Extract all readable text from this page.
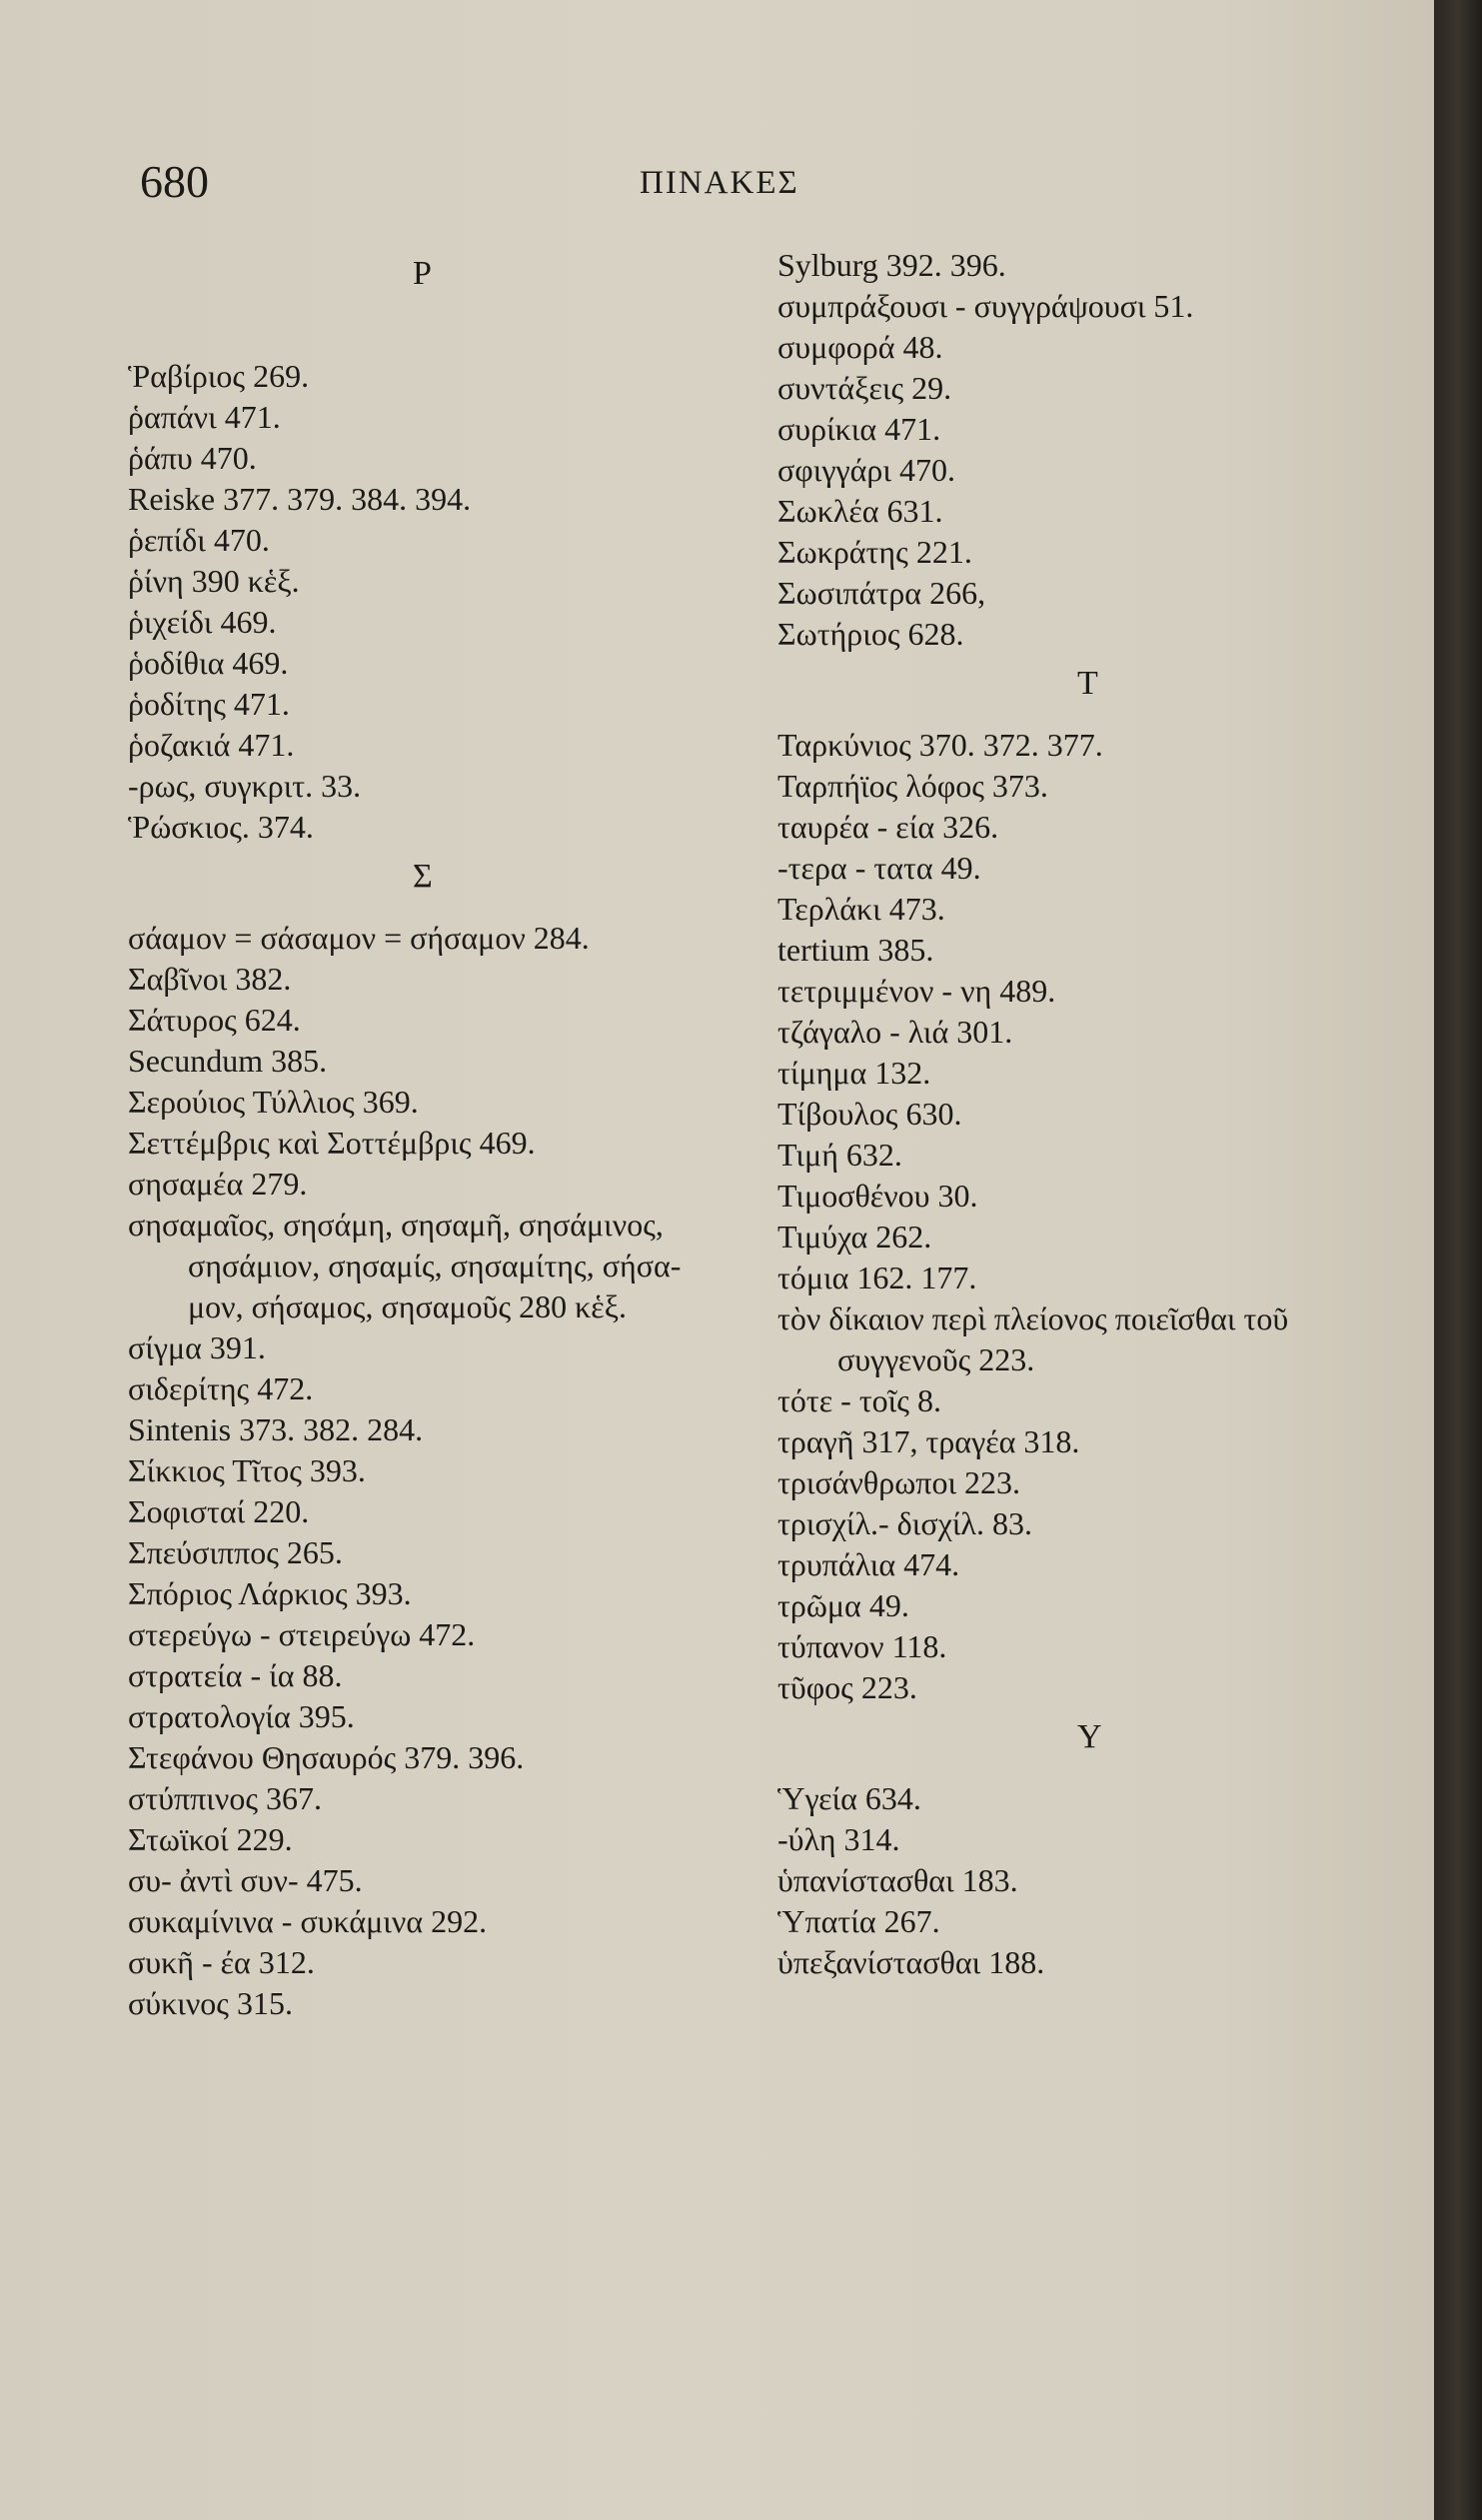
680	ΠΙΝΑΚΕΣ
P
Ῥαβίριος 269.
ῥαπάνι 471.
ῥάπυ 470.
Reiske 377. 379. 384. 394.
ῥεπίδι 470.
ῥίνη 390 κἑξ.
ῥιχείδι 469.
ῥοδίθια 469.
ῥοδίτης 471.
ῥοζακιά 471.
-ρως, συγκριτ. 33.
Ῥώσκιος. 374.
Σ
σάαμον = σάσαμον = σήσαμον 284.
Σαβῖνοι 382.
Σάτυρος 624.
Secundum 385.
Σερούιος Τύλλιος 369.
Σεττέμβρις καὶ Σοττέμβρις 469.
σησαμέα 279.
σησαμαῖος, σησάμη, σησαμῆ, σησάμινος,
σησάμιον, σησαμίς, σησαμίτης, σήσα-
μον, σήσαμος, σησαμοῦς 280 κἑξ.
σίγμα 391.
σιδερίτης 472.
Sintenis 373. 382. 284.
Σίκκιος Τῖτος 393.
Σοφισταί 220.
Σπεύσιππος 265.
Σπόριος Λάρκιος 393.
στερεύγω - στειρεύγω 472.
στρατεία - ία 88.
στρατολογία 395.
Στεφάνου Θησαυρός 379. 396.
στύππινος 367.
Στωϊκοί 229.
συ- ἀντὶ συν- 475.
συκαμίνινα - συκάμινα 292.
συκῆ - έα 312.
σύκινος 315.
Sylburg 392. 396.
συμπράξουσι - συγγράψουσι 51.
συμφορά 48.
συντάξεις 29.
συρίκια 471.
σφιγγάρι 470.
Σωκλέα 631.
Σωκράτης 221.
Σωσιπάτρα 266,
Σωτήριος 628.
T
Ταρκύνιος 370. 372. 377.
Ταρπήϊος λόφος 373.
ταυρέα - εία 326.
-τερα - τατα 49.
Τερλάκι 473.
tertium 385.
τετριμμένον - νη 489.
τζάγαλο - λιά 301.
τίμημα 132.
Τίβουλος 630.
Τιμή 632.
Τιμοσθένου 30.
Τιμύχα 262.
τόμια 162. 177.
τὸν δίκαιον περὶ πλείονος ποιεῖσθαι τοῦ
συγγενοῦς 223.
τότε - τοῖς 8.
τραγῆ 317, τραγέα 318.
τρισάνθρωποι 223.
τρισχίλ.- δισχίλ. 83.
τρυπάλια 474.
τρῶμα 49.
τύπανον 118.
τῦφος 223.
Υ
Ὑγεία 634.
-ύλη 314.
ὑπανίστασθαι 183.
Ὑπατία 267.
ὑπεξανίστασθαι 188.
